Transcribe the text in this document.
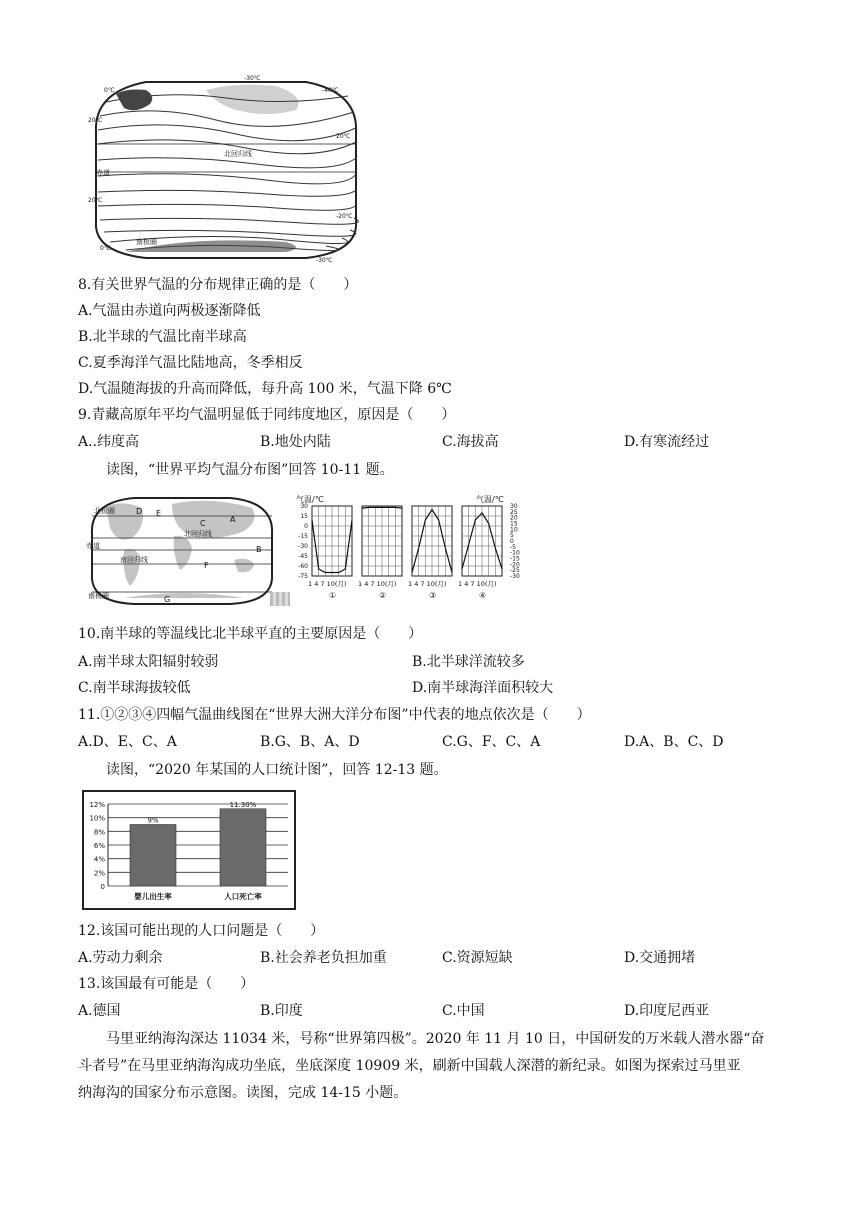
赤道
北回归线
南极圈
0℃
20℃
20℃
0℃
-30℃
-40℃
20℃
-20℃
-30℃
8.有关世界气温的分布规律正确的是（　　）
A.气温由赤道向两极逐渐降低
B.北半球的气温比南半球高
C.夏季海洋气温比陆地高，冬季相反
D.气温随海拔的升高而降低，每升高 100 米，气温下降 6℃
9.青藏高原年平均气温明显低于同纬度地区，原因是（　　）
A..纬度高	B.地处内陆	C.海拔高	D.有寒流经过
读图，“世界平均气温分布图”回答 10-11 题。
北极圈
北回归线
赤道
南回归线
南极圈
D
A
C
B
E
F
G
气温/℃	气温/℃
30
15
0
-15
-30
-45
-60
-75
30
25
20
15
10
5
0
-5
-10
-15
-20
-25
-30
1 4 7 10(月)
①
1 4 7 10(月)
②
1 4 7 10(月)
③
1 4 7 10(月)
④
10.南半球的等温线比北半球平直的主要原因是（　　）
A.南半球太阳辐射较弱	B.北半球洋流较多
C.南半球海拔较低	D.南半球海洋面积较大
11.①②③④四幅气温曲线图在“世界大洲大洋分布图”中代表的地点依次是（　　）
A.D、E、C、A	B.G、B、A、D	C.G、F、C、A	D.A、B、C、D
读图，“2020 年某国的人口统计图”，回答 12-13 题。
12%
10%
8%
6%
4%
2%
0
9%
婴儿出生率
11.30%
人口死亡率
12.该国可能出现的人口问题是（　　）
A.劳动力剩余	B.社会养老负担加重	C.资源短缺	D.交通拥堵
13.该国最有可能是（　　）
A.德国	B.印度	C.中国	D.印度尼西亚
马里亚纳海沟深达 11034 米，号称“世界第四极”。2020 年 11 月 10 日，中国研发的万米载人潜水器“奋
斗者号”在马里亚纳海沟成功坐底，坐底深度 10909 米，刷新中国载人深潜的新纪录。如图为探索过马里亚
纳海沟的国家分布示意图。读图，完成 14-15 小题。
